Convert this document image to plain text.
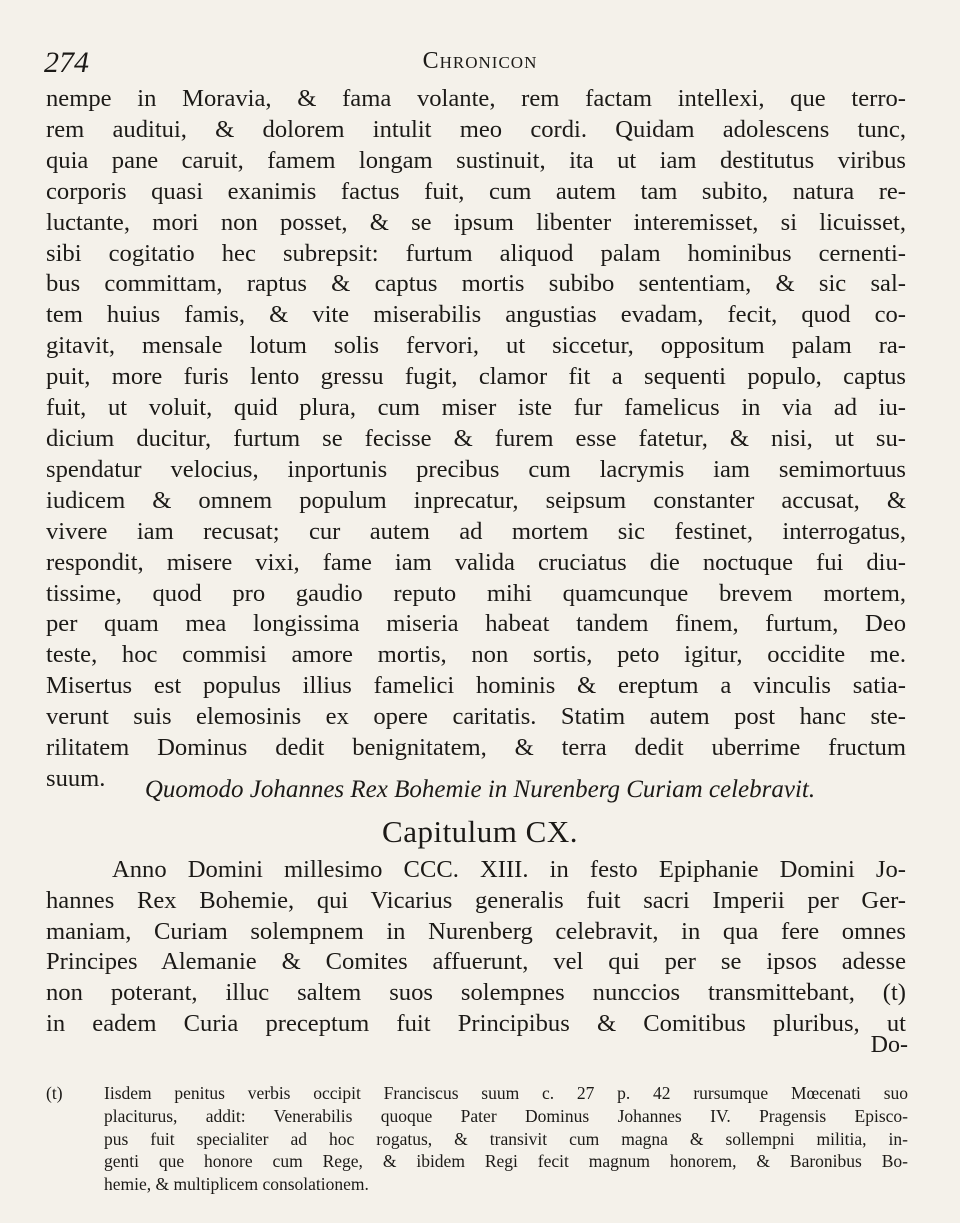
274	Chronicon
nempe in Moravia, & fama volante, rem factam intellexi, que terro-
rem auditui, & dolorem intulit meo cordi. Quidam adolescens tunc,
quia pane caruit, famem longam sustinuit, ita ut iam destitutus viribus
corporis quasi exanimis factus fuit, cum autem tam subito, natura re-
luctante, mori non posset, & se ipsum libenter interemisset, si licuisset,
sibi cogitatio hec subrepsit: furtum aliquod palam hominibus cernenti-
bus committam, raptus & captus mortis subibo sententiam, & sic sal-
tem huius famis, & vite miserabilis angustias evadam, fecit, quod co-
gitavit, mensale lotum solis fervori, ut siccetur, oppositum palam ra-
puit, more furis lento gressu fugit, clamor fit a sequenti populo, captus
fuit, ut voluit, quid plura, cum miser iste fur famelicus in via ad iu-
dicium ducitur, furtum se fecisse & furem esse fatetur, & nisi, ut su-
spendatur velocius, inportunis precibus cum lacrymis iam semimortuus
iudicem & omnem populum inprecatur, seipsum constanter accusat, &
vivere iam recusat; cur autem ad mortem sic festinet, interrogatus,
respondit, misere vixi, fame iam valida cruciatus die noctuque fui diu-
tissime, quod pro gaudio reputo mihi quamcunque brevem mortem,
per quam mea longissima miseria habeat tandem finem, furtum, Deo
teste, hoc commisi amore mortis, non sortis, peto igitur, occidite me.
Misertus est populus illius famelici hominis & ereptum a vinculis satia-
verunt suis elemosinis ex opere caritatis. Statim autem post hanc ste-
rilitatem Dominus dedit benignitatem, & terra dedit uberrime fructum
suum.	Quomodo Johannes Rex Bohemie in Nurenberg Curiam celebravit.
Capitulum CX.
Anno Domini millesimo CCC. XIII. in festo Epiphanie Domini Jo-
hannes Rex Bohemie, qui Vicarius generalis fuit sacri Imperii per Ger-
maniam, Curiam solempnem in Nurenberg celebravit, in qua fere omnes
Principes Alemanie & Comites affuerunt, vel qui per se ipsos adesse
non poterant, illuc saltem suos solempnes nunccios transmittebant, (t)
in eadem Curia preceptum fuit Principibus & Comitibus pluribus, ut
Do-
(t)	Iisdem penitus verbis occipit Franciscus suum c. 27 p. 42 rursumque Mœcenati suo
placiturus, addit: Venerabilis quoque Pater Dominus Johannes IV. Pragensis Episco-
pus fuit specialiter ad hoc rogatus, & transivit cum magna & sollempni militia, in-
genti que honore cum Rege, & ibidem Regi fecit magnum honorem, & Baronibus Bo-
hemie, & multiplicem consolationem.
